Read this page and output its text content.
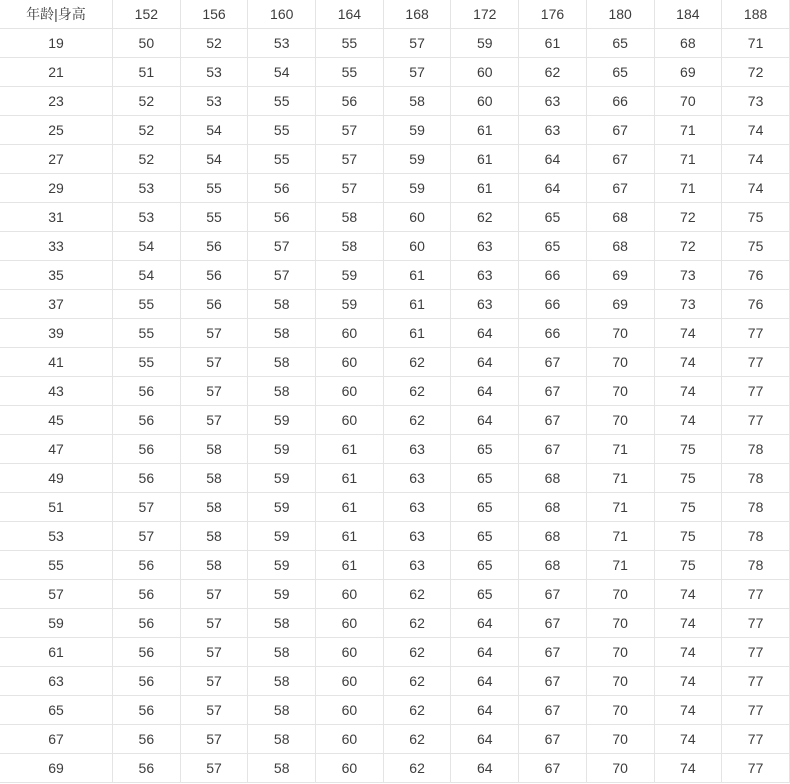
年龄|身高	152	156	160	164	168	172	176	180	184	188
19	50	52	53	55	57	59	61	65	68	71
21	51	53	54	55	57	60	62	65	69	72
23	52	53	55	56	58	60	63	66	70	73
25	52	54	55	57	59	61	63	67	71	74
27	52	54	55	57	59	61	64	67	71	74
29	53	55	56	57	59	61	64	67	71	74
31	53	55	56	58	60	62	65	68	72	75
33	54	56	57	58	60	63	65	68	72	75
35	54	56	57	59	61	63	66	69	73	76
37	55	56	58	59	61	63	66	69	73	76
39	55	57	58	60	61	64	66	70	74	77
41	55	57	58	60	62	64	67	70	74	77
43	56	57	58	60	62	64	67	70	74	77
45	56	57	59	60	62	64	67	70	74	77
47	56	58	59	61	63	65	67	71	75	78
49	56	58	59	61	63	65	68	71	75	78
51	57	58	59	61	63	65	68	71	75	78
53	57	58	59	61	63	65	68	71	75	78
55	56	58	59	61	63	65	68	71	75	78
57	56	57	59	60	62	65	67	70	74	77
59	56	57	58	60	62	64	67	70	74	77
61	56	57	58	60	62	64	67	70	74	77
63	56	57	58	60	62	64	67	70	74	77
65	56	57	58	60	62	64	67	70	74	77
67	56	57	58	60	62	64	67	70	74	77
69	56	57	58	60	62	64	67	70	74	77
